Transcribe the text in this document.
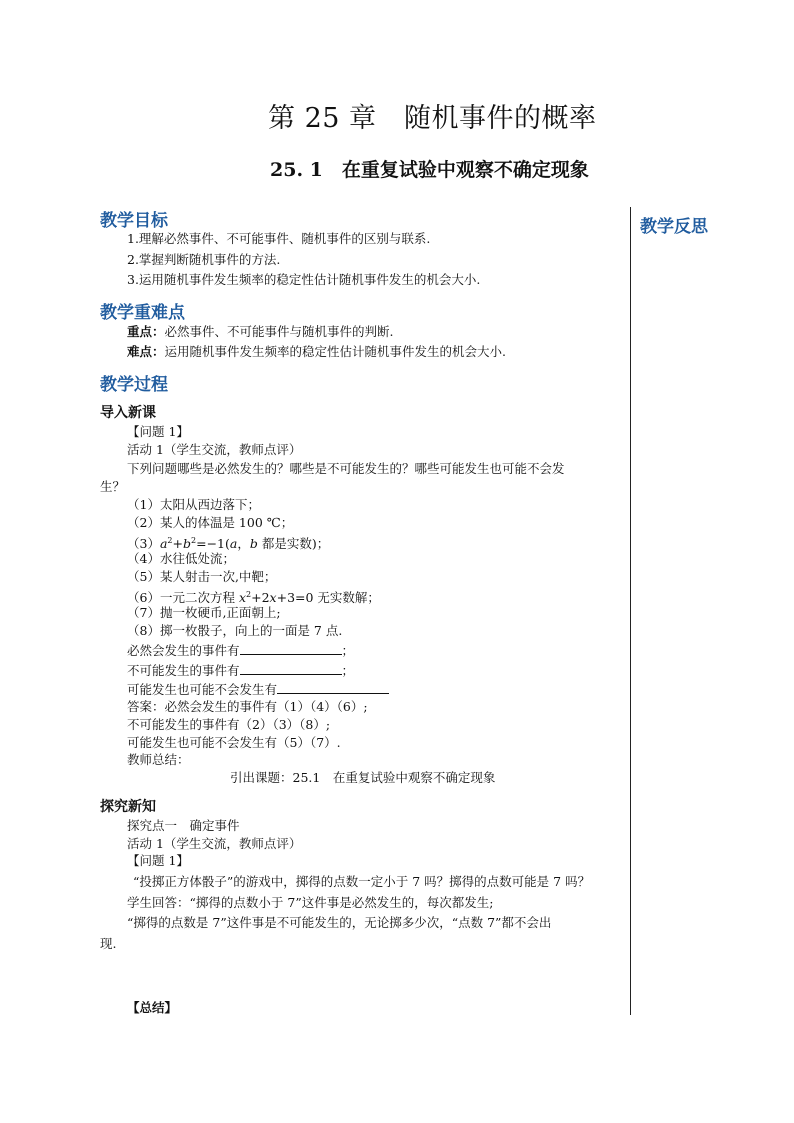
第 25 章　随机事件的概率
25. 1　在重复试验中观察不确定现象
教学反思
教学目标
1.理解必然事件、不可能事件、随机事件的区别与联系.
2.掌握判断随机事件的方法.
3.运用随机事件发生频率的稳定性估计随机事件发生的机会大小.
教学重难点
重点：必然事件、不可能事件与随机事件的判断.
难点：运用随机事件发生频率的稳定性估计随机事件发生的机会大小.
教学过程
导入新课
【问题 1】
活动 1（学生交流，教师点评）
下列问题哪些是必然发生的？哪些是不可能发生的？哪些可能发生也可能不会发
生？
（1）太阳从西边落下；
（2）某人的体温是 100 ℃；
$(3)a^2+b^2=-1(a$，b 都是实数)；
（4）水往低处流；
（5）某人射击一次,中靶；
（6）一元二次方程 $x^2+2x+3=0$ 无实数解；
（7）抛一枚硬币,正面朝上;
（8）掷一枚骰子，向上的一面是 7 点.
必然会发生的事件有	；
不可能发生的事件有	；
可能发生也可能不会发生有
答案：必然会发生的事件有（1）（4）（6）;
不可能发生的事件有（2）（3）（8）;
可能发生也可能不会发生有（5）（7）.
教师总结：
引出课题：25.1　在重复试验中观察不确定现象
探究新知
探究点一　确定事件
活动 1（学生交流，教师点评）
【问题 1】
“投掷正方体骰子”的游戏中，掷得的点数一定小于 7 吗？掷得的点数可能是 7 吗？
学生回答：“掷得的点数小于 7”这件事是必然发生的，每次都发生;
“掷得的点数是 7”这件事是不可能发生的，无论掷多少次，“点数 7”都不会出
现.
【总结】
